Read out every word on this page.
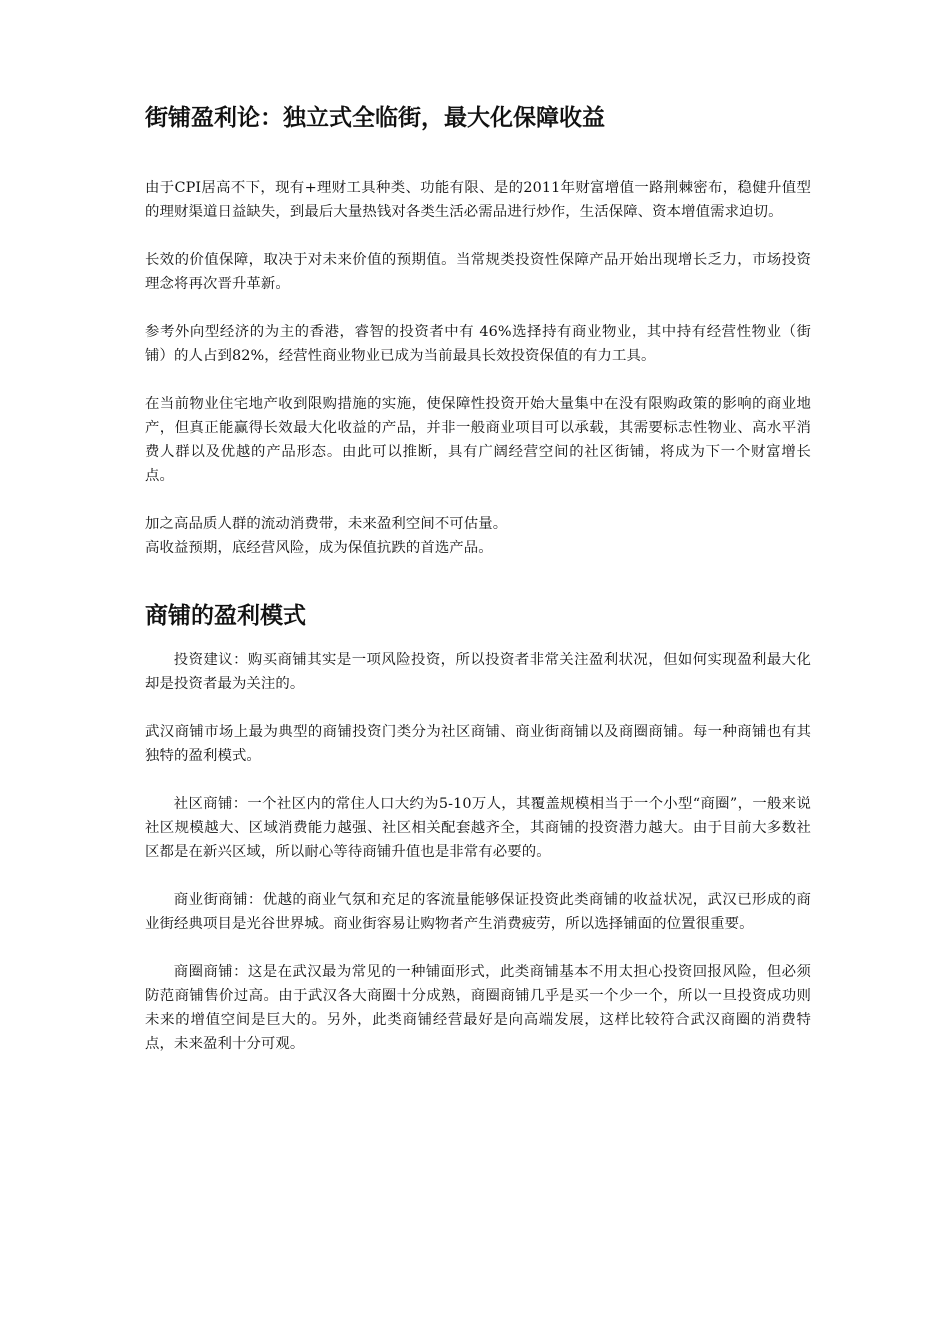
街铺盈利论：独立式全临街，最大化保障收益

由于CPI居高不下，现有+理财工具种类、功能有限、是的2011年财富增值一路荆棘密布，稳健升值型的理财渠道日益缺失，到最后大量热钱对各类生活必需品进行炒作，生活保障、资本增值需求迫切。

长效的价值保障，取决于对未来价值的预期值。当常规类投资性保障产品开始出现增长乏力，市场投资理念将再次晋升革新。

参考外向型经济的为主的香港，睿智的投资者中有 46%选择持有商业物业，其中持有经营性物业（街铺）的人占到82%，经营性商业物业已成为当前最具长效投资保值的有力工具。

在当前物业住宅地产收到限购措施的实施，使保障性投资开始大量集中在没有限购政策的影响的商业地产，但真正能赢得长效最大化收益的产品，并非一般商业项目可以承载，其需要标志性物业、高水平消费人群以及优越的产品形态。由此可以推断，具有广阔经营空间的社区街铺，将成为下一个财富增长点。

加之高品质人群的流动消费带，未来盈利空间不可估量。

高收益预期，底经营风险，成为保值抗跌的首选产品。

商铺的盈利模式

投资建议：购买商铺其实是一项风险投资，所以投资者非常关注盈利状况，但如何实现盈利最大化却是投资者最为关注的。

武汉商铺市场上最为典型的商铺投资门类分为社区商铺、商业街商铺以及商圈商铺。每一种商铺也有其独特的盈利模式。

社区商铺：一个社区内的常住人口大约为5-10万人，其覆盖规模相当于一个小型“商圈”，一般来说社区规模越大、区域消费能力越强、社区相关配套越齐全，其商铺的投资潜力越大。由于目前大多数社区都是在新兴区域，所以耐心等待商铺升值也是非常有必要的。

商业街商铺：优越的商业气氛和充足的客流量能够保证投资此类商铺的收益状况，武汉已形成的商业街经典项目是光谷世界城。商业街容易让购物者产生消费疲劳，所以选择铺面的位置很重要。

商圈商铺：这是在武汉最为常见的一种铺面形式，此类商铺基本不用太担心投资回报风险，但必须防范商铺售价过高。由于武汉各大商圈十分成熟，商圈商铺几乎是买一个少一个，所以一旦投资成功则未来的增值空间是巨大的。另外，此类商铺经营最好是向高端发展，这样比较符合武汉商圈的消费特点，未来盈利十分可观。
